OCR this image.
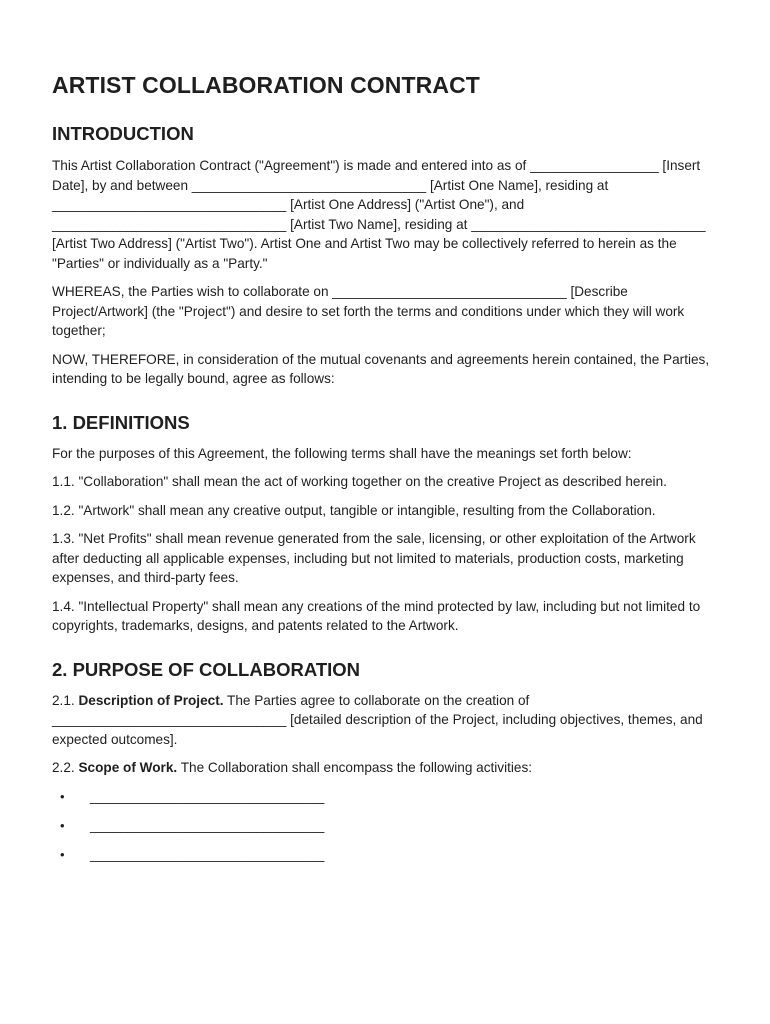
ARTIST COLLABORATION CONTRACT
INTRODUCTION

This Artist Collaboration Contract ("Agreement") is made and entered into as of _________________ [Insert Date], by and between _______________________________ [Artist One Name], residing at _______________________________ [Artist One Address] ("Artist One"), and _______________________________ [Artist Two Name], residing at _______________________________ [Artist Two Address] ("Artist Two"). Artist One and Artist Two may be collectively referred to herein as the "Parties" or individually as a "Party."

WHEREAS, the Parties wish to collaborate on _______________________________ [Describe Project/Artwork] (the "Project") and desire to set forth the terms and conditions under which they will work together;

NOW, THEREFORE, in consideration of the mutual covenants and agreements herein contained, the Parties, intending to be legally bound, agree as follows:

1. DEFINITIONS

For the purposes of this Agreement, the following terms shall have the meanings set forth below:

1.1. "Collaboration" shall mean the act of working together on the creative Project as described herein.

1.2. "Artwork" shall mean any creative output, tangible or intangible, resulting from the Collaboration.

1.3. "Net Profits" shall mean revenue generated from the sale, licensing, or other exploitation of the Artwork after deducting all applicable expenses, including but not limited to materials, production costs, marketing expenses, and third-party fees.

1.4. "Intellectual Property" shall mean any creations of the mind protected by law, including but not limited to copyrights, trademarks, designs, and patents related to the Artwork.

2. PURPOSE OF COLLABORATION

2.1. Description of Project. The Parties agree to collaborate on the creation of _______________________________ [detailed description of the Project, including objectives, themes, and expected outcomes].

2.2. Scope of Work. The Collaboration shall encompass the following activities:

• _______________________________
• _______________________________
• _______________________________
